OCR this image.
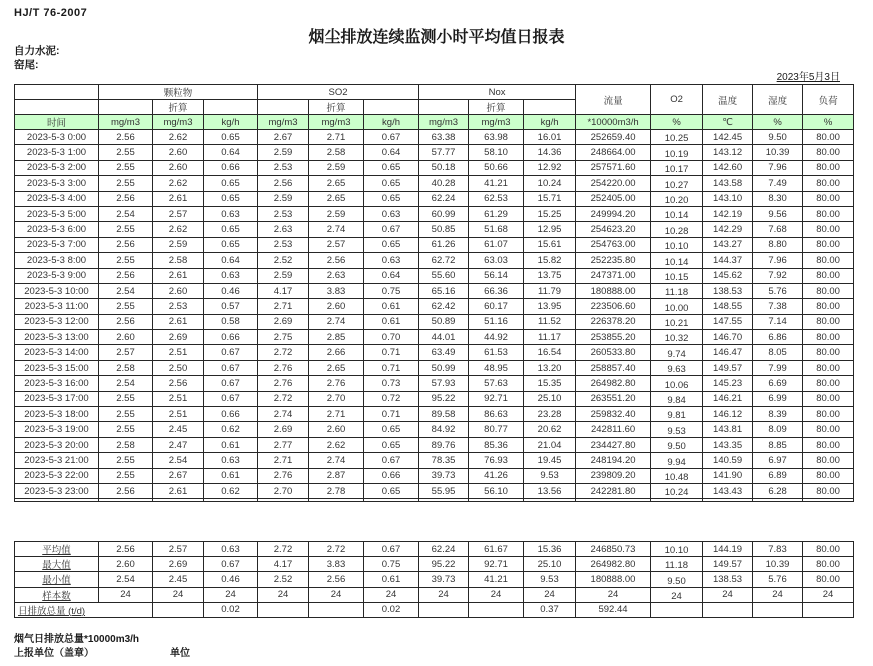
HJ/T 76-2007
烟尘排放连续监测小时平均值日报表
自力水泥:
窑尾:
2023年5月3日
	颗粒物			SO2			Nox			流量	O2	温度	湿度	负荷
		折算			折算			折算						
时间	mg/m3	mg/m3	kg/h	mg/m3	mg/m3	kg/h	mg/m3	mg/m3	kg/h	*10000m3/h	%	℃	%	%
2023-5-3 0:00	2.56	2.62	0.65	2.67	2.71	0.67	63.38	63.98	16.01	252659.40	10.25	142.45	9.50	80.00
2023-5-3 1:00	2.55	2.60	0.64	2.59	2.58	0.64	57.77	58.10	14.36	248664.00	10.19	143.12	10.39	80.00
2023-5-3 2:00	2.55	2.60	0.66	2.53	2.59	0.65	50.18	50.66	12.92	257571.60	10.17	142.60	7.96	80.00
2023-5-3 3:00	2.55	2.62	0.65	2.56	2.65	0.65	40.28	41.21	10.24	254220.00	10.27	143.58	7.49	80.00
2023-5-3 4:00	2.56	2.61	0.65	2.59	2.65	0.65	62.24	62.53	15.71	252405.00	10.20	143.10	8.30	80.00
2023-5-3 5:00	2.54	2.57	0.63	2.53	2.59	0.63	60.99	61.29	15.25	249994.20	10.14	142.19	9.56	80.00
2023-5-3 6:00	2.55	2.62	0.65	2.63	2.74	0.67	50.85	51.68	12.95	254623.20	10.28	142.29	7.68	80.00
2023-5-3 7:00	2.56	2.59	0.65	2.53	2.57	0.65	61.26	61.07	15.61	254763.00	10.10	143.27	8.80	80.00
2023-5-3 8:00	2.55	2.58	0.64	2.52	2.56	0.63	62.72	63.03	15.82	252235.80	10.14	144.37	7.96	80.00
2023-5-3 9:00	2.56	2.61	0.63	2.59	2.63	0.64	55.60	56.14	13.75	247371.00	10.15	145.62	7.92	80.00
2023-5-3 10:00	2.54	2.60	0.46	4.17	3.83	0.75	65.16	66.36	11.79	180888.00	11.18	138.53	5.76	80.00
2023-5-3 11:00	2.55	2.53	0.57	2.71	2.60	0.61	62.42	60.17	13.95	223506.60	10.00	148.55	7.38	80.00
2023-5-3 12:00	2.56	2.61	0.58	2.69	2.74	0.61	50.89	51.16	11.52	226378.20	10.21	147.55	7.14	80.00
2023-5-3 13:00	2.60	2.69	0.66	2.75	2.85	0.70	44.01	44.92	11.17	253855.20	10.32	146.70	6.86	80.00
2023-5-3 14:00	2.57	2.51	0.67	2.72	2.66	0.71	63.49	61.53	16.54	260533.80	9.74	146.47	8.05	80.00
2023-5-3 15:00	2.58	2.50	0.67	2.76	2.65	0.71	50.99	48.95	13.20	258857.40	9.63	149.57	7.99	80.00
2023-5-3 16:00	2.54	2.56	0.67	2.76	2.76	0.73	57.93	57.63	15.35	264982.80	10.06	145.23	6.69	80.00
2023-5-3 17:00	2.55	2.51	0.67	2.72	2.70	0.72	95.22	92.71	25.10	263551.20	9.84	146.21	6.99	80.00
2023-5-3 18:00	2.55	2.51	0.66	2.74	2.71	0.71	89.58	86.63	23.28	259832.40	9.81	146.12	8.39	80.00
2023-5-3 19:00	2.55	2.45	0.62	2.69	2.60	0.65	84.92	80.77	20.62	242811.60	9.53	143.81	8.09	80.00
2023-5-3 20:00	2.58	2.47	0.61	2.77	2.62	0.65	89.76	85.36	21.04	234427.80	9.50	143.35	8.85	80.00
2023-5-3 21:00	2.55	2.54	0.63	2.71	2.74	0.67	78.35	76.93	19.45	248194.20	9.94	140.59	6.97	80.00
2023-5-3 22:00	2.55	2.67	0.61	2.76	2.87	0.66	39.73	41.26	9.53	239809.20	10.48	141.90	6.89	80.00
2023-5-3 23:00	2.56	2.61	0.62	2.70	2.78	0.65	55.95	56.10	13.56	242281.80	10.24	143.43	6.28	80.00

平均值	2.56	2.57	0.63	2.72	2.72	0.67	62.24	61.67	15.36	246850.73	10.10	144.19	7.83	80.00
最大值	2.60	2.69	0.67	4.17	3.83	0.75	95.22	92.71	25.10	264982.80	11.18	149.57	10.39	80.00
最小值	2.54	2.45	0.46	2.52	2.56	0.61	39.73	41.21	9.53	180888.00	9.50	138.53	5.76	80.00
样本数	24	24	24	24	24	24	24	24	24	24	24	24	24	24
日排放总量 (t/d)			0.02			0.02			0.37	592.44				
烟气日排放总量*10000m3/h
上报单位（盖章）	单位
